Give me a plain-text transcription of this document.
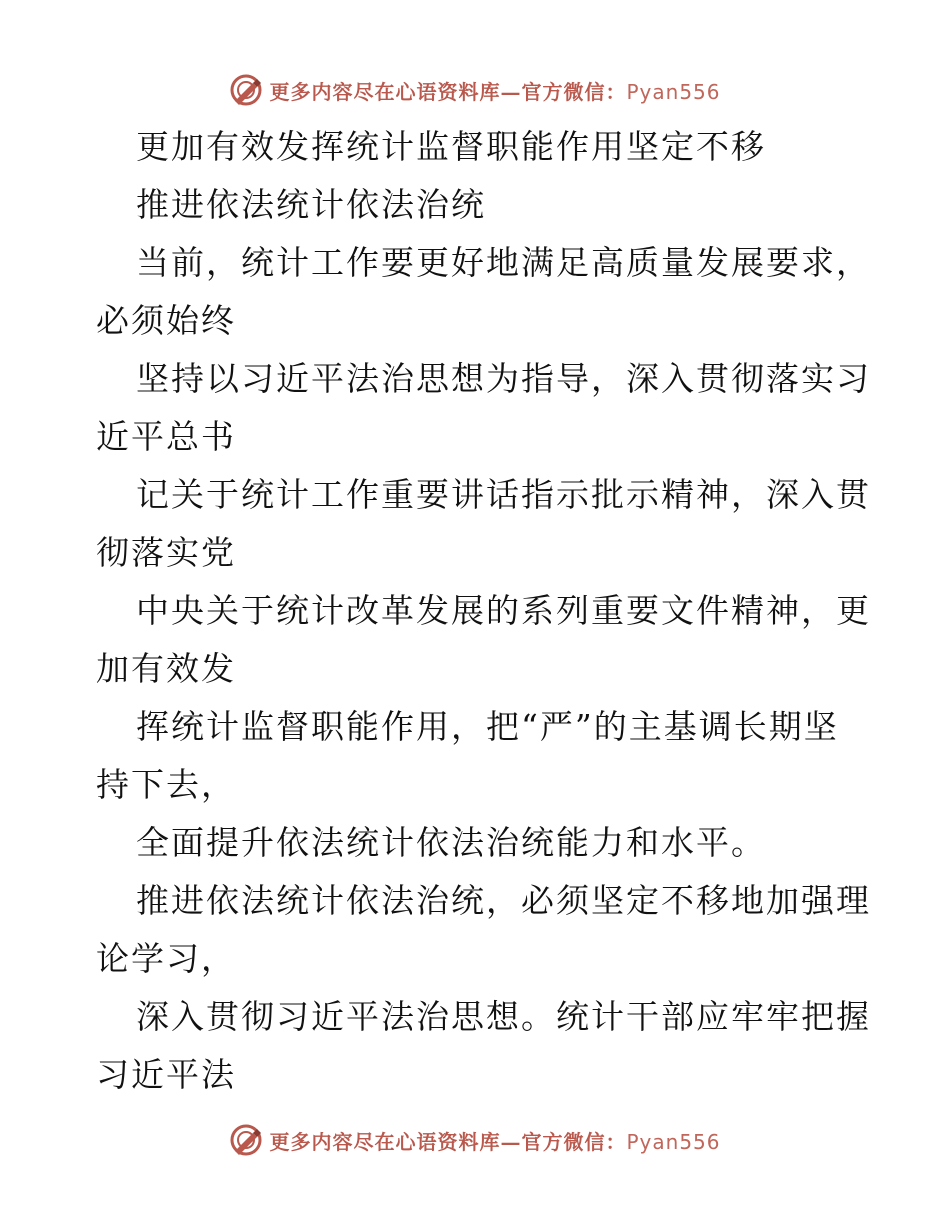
更多内容尽在心语资料库—官方微信：Pyan556
更加有效发挥统计监督职能作用坚定不移
推进依法统计依法治统
当前，统计工作要更好地满足高质量发展要求，
必须始终
坚持以习近平法治思想为指导，深入贯彻落实习
近平总书
记关于统计工作重要讲话指示批示精神，深入贯
彻落实党
中央关于统计改革发展的系列重要文件精神，更
加有效发
挥统计监督职能作用，把“严”的主基调长期坚
持下去，
全面提升依法统计依法治统能力和水平。
推进依法统计依法治统，必须坚定不移地加强理
论学习，
深入贯彻习近平法治思想。统计干部应牢牢把握
习近平法
更多内容尽在心语资料库—官方微信：Pyan556
